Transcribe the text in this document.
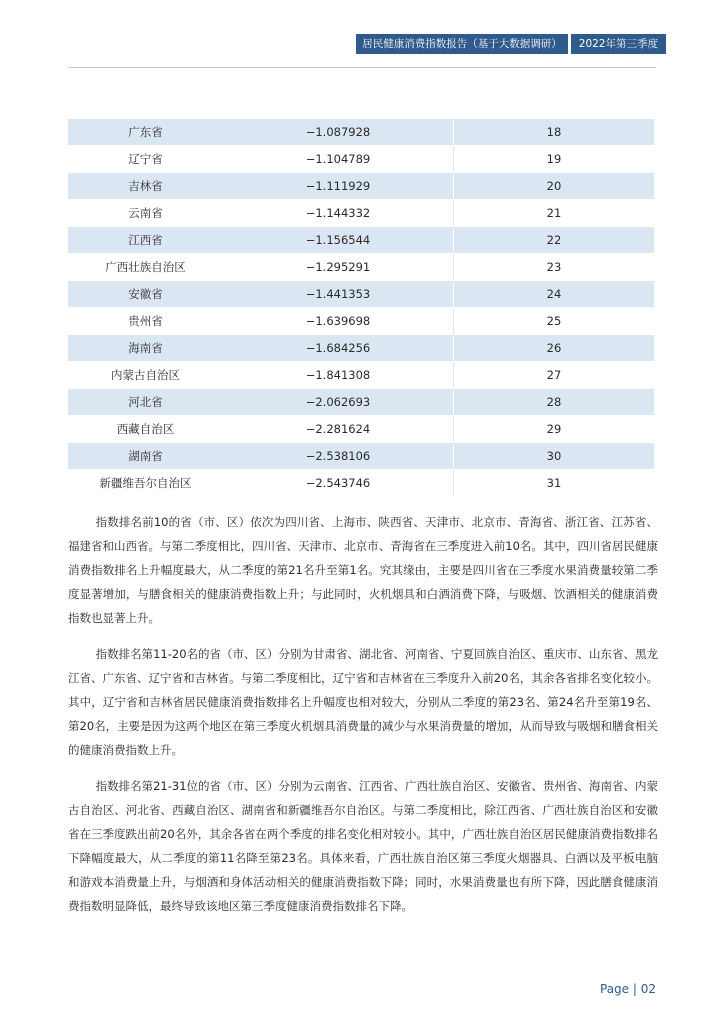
居民健康消费指数报告（基于大数据调研）	2022年第三季度
广东省	−1.087928	18
辽宁省	−1.104789	19
吉林省	−1.111929	20
云南省	−1.144332	21
江西省	−1.156544	22
广西壮族自治区	−1.295291	23
安徽省	−1.441353	24
贵州省	−1.639698	25
海南省	−1.684256	26
内蒙古自治区	−1.841308	27
河北省	−2.062693	28
西藏自治区	−2.281624	29
湖南省	−2.538106	30
新疆维吾尔自治区	−2.543746	31

指数排名前10的省（市、区）依次为四川省、上海市、陕西省、天津市、北京市、青海省、浙江省、江苏省、福建省和山西省。与第二季度相比，四川省、天津市、北京市、青海省在三季度进入前10名。其中，四川省居民健康消费指数排名上升幅度最大，从二季度的第21名升至第1名。究其缘由，主要是四川省在三季度水果消费量较第二季度显著增加，与膳食相关的健康消费指数上升；与此同时，火机烟具和白酒消费下降，与吸烟、饮酒相关的健康消费指数也显著上升。

指数排名第11-20名的省（市、区）分别为甘肃省、湖北省、河南省、宁夏回族自治区、重庆市、山东省、黑龙江省、广东省、辽宁省和吉林省。与第二季度相比，辽宁省和吉林省在三季度升入前20名，其余各省排名变化较小。其中，辽宁省和吉林省居民健康消费指数排名上升幅度也相对较大，分别从二季度的第23名、第24名升至第19名、第20名，主要是因为这两个地区在第三季度火机烟具消费量的减少与水果消费量的增加，从而导致与吸烟和膳食相关的健康消费指数上升。

指数排名第21-31位的省（市、区）分别为云南省、江西省、广西壮族自治区、安徽省、贵州省、海南省、内蒙古自治区、河北省、西藏自治区、湖南省和新疆维吾尔自治区。与第二季度相比，除江西省、广西壮族自治区和安徽省在三季度跌出前20名外，其余各省在两个季度的排名变化相对较小。其中，广西壮族自治区居民健康消费指数排名下降幅度最大，从二季度的第11名降至第23名。具体来看，广西壮族自治区第三季度火烟器具、白酒以及平板电脑和游戏本消费量上升，与烟酒和身体活动相关的健康消费指数下降；同时，水果消费量也有所下降，因此膳食健康消费指数明显降低，最终导致该地区第三季度健康消费指数排名下降。

Page | 02
